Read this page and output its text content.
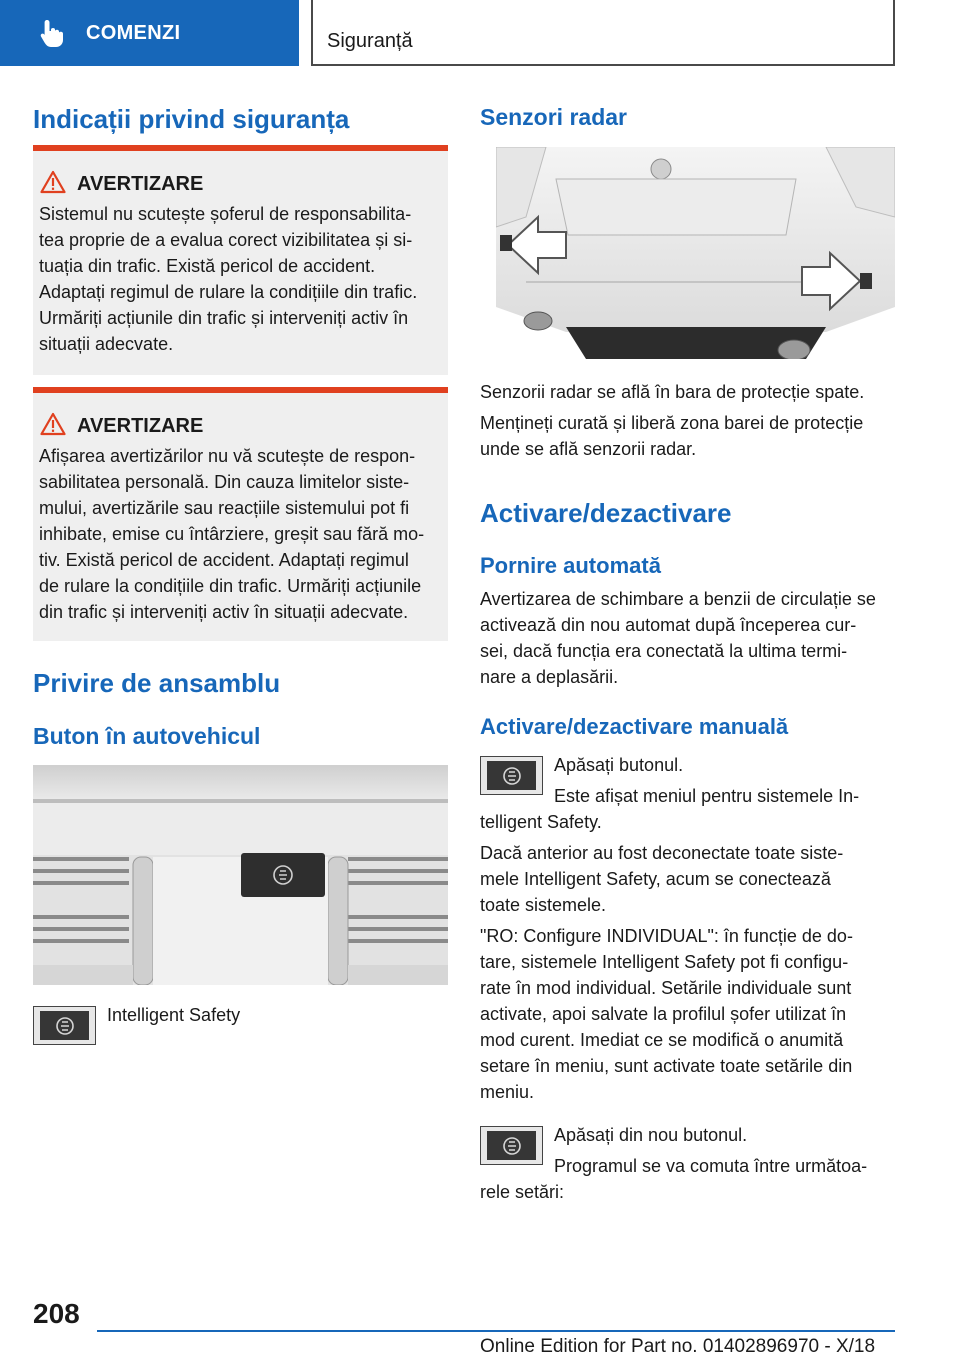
COMENZI	Siguranță
Indicații privind siguranța
AVERTIZARE
Sistemul nu scutește șoferul de responsabilita-
tea proprie de a evalua corect vizibilitatea și si-
tuația din trafic. Există pericol de accident.
Adaptați regimul de rulare la condițiile din trafic.
Urmăriți acțiunile din trafic și interveniți activ în
situații adecvate.
AVERTIZARE
Afișarea avertizărilor nu vă scutește de respon-
sabilitatea personală. Din cauza limitelor siste-
mului, avertizările sau reacțiile sistemului pot fi
inhibate, emise cu întârziere, greșit sau fără mo-
tiv. Există pericol de accident. Adaptați regimul
de rulare la condițiile din trafic. Urmăriți acțiunile
din trafic și interveniți activ în situații adecvate.
Privire de ansamblu
Buton în autovehicul
Intelligent Safety
Senzori radar
Senzorii radar se află în bara de protecție spate.
Mențineți curată și liberă zona barei de protecție
unde se află senzorii radar.
Activare/dezactivare
Pornire automată
Avertizarea de schimbare a benzii de circulație se
activează din nou automat după începerea cur-
sei, dacă funcția era conectată la ultima termi-
nare a deplasării.
Activare/dezactivare manuală
Apăsați butonul.
Este afișat meniul pentru sistemele In-
telligent Safety.
Dacă anterior au fost deconectate toate siste-
mele Intelligent Safety, acum se conectează
toate sistemele.
"RO: Configure INDIVIDUAL": în funcție de do-
tare, sistemele Intelligent Safety pot fi configu-
rate în mod individual. Setările individuale sunt
activate, apoi salvate la profilul șofer utilizat în
mod curent. Imediat ce se modifică o anumită
setare în meniu, sunt activate toate setările din
meniu.
Apăsați din nou butonul.
Programul se va comuta între următoa-
rele setări:
208
Online Edition for Part no. 01402896970 - X/18
